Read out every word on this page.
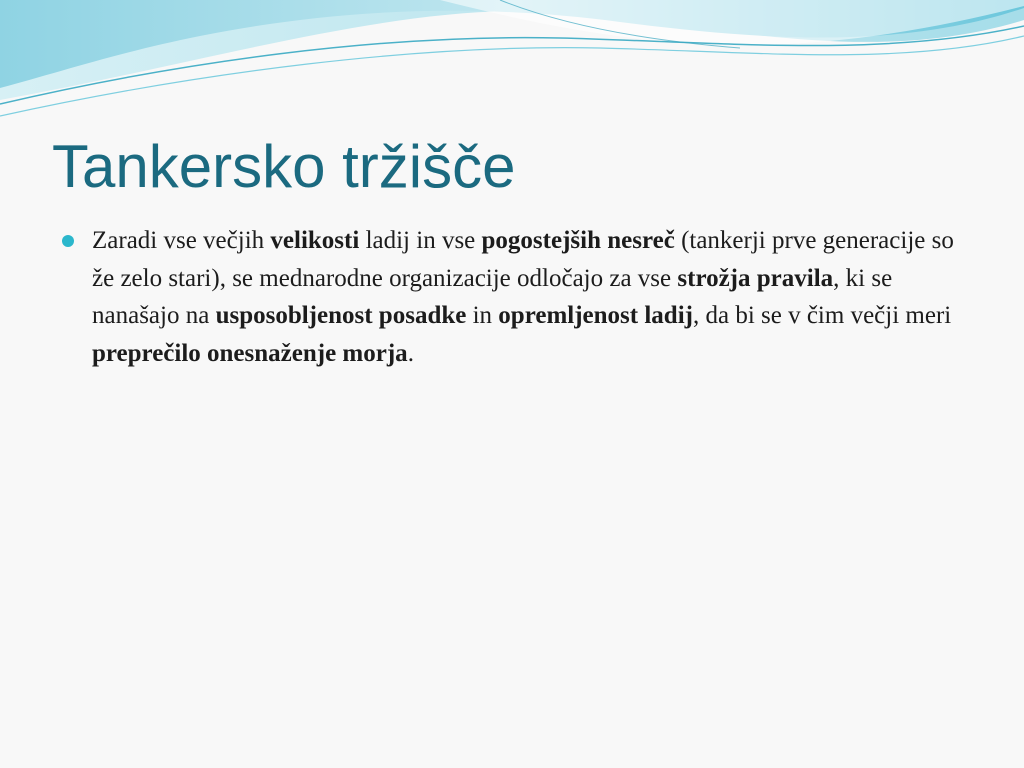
Tankersko tržišče
Zaradi vse večjih velikosti ladij in vse pogostejših nesreč (tankerji prve generacije so že zelo stari), se mednarodne organizacije odločajo za vse strožja pravila, ki se nanašajo na usposobljenost posadke in opremljenost ladij, da bi se v čim večji meri preprečilo onesnaženje morja.
